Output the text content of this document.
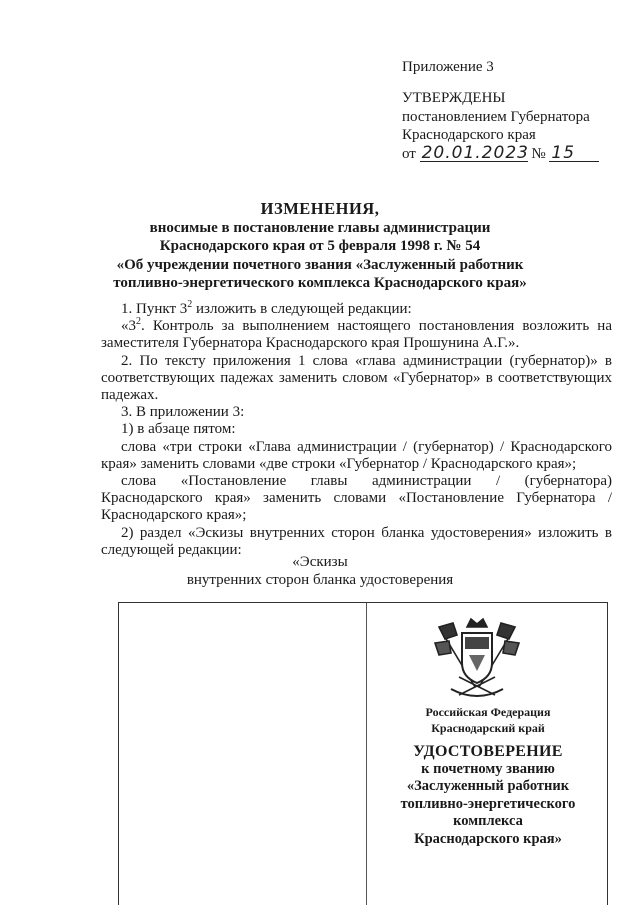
Приложение 3
УТВЕРЖДЕНЫ
постановлением Губернатора
Краснодарского края
от 20.01.2023 № 15
ИЗМЕНЕНИЯ,
вносимые в постановление главы администрации
Краснодарского края от 5 февраля 1998 г. № 54
«Об учреждении почетного звания «Заслуженный работник
топливно-энергетического комплекса Краснодарского края»

1. Пункт $3^2$ изложить в следующей редакции:

«$3^2$. Контроль за выполнением настоящего постановления возложить на заместителя Губернатора Краснодарского края Прошунина А.Г.».

2. По тексту приложения 1 слова «глава администрации (губернатор)» в соответствующих падежах заменить словом «Губернатор» в соответствующих падежах.

3. В приложении 3:

1) в абзаце пятом:

слова «три строки «Глава администрации / (губернатор) / Краснодарского края» заменить словами «две строки «Губернатор / Краснодарского края»;

слова «Постановление главы администрации / (губернатора) Краснодарского края» заменить словами «Постановление Губернатора / Краснодарского края»;

2) раздел «Эскизы внутренних сторон бланка удостоверения» изложить в следующей редакции:

«Эскизы
внутренних сторон бланка удостоверения
Российская Федерация
Краснодарский край
УДОСТОВЕРЕНИЕ
к почетному званию
«Заслуженный работник
топливно-энергетического
комплекса
Краснодарского края»
